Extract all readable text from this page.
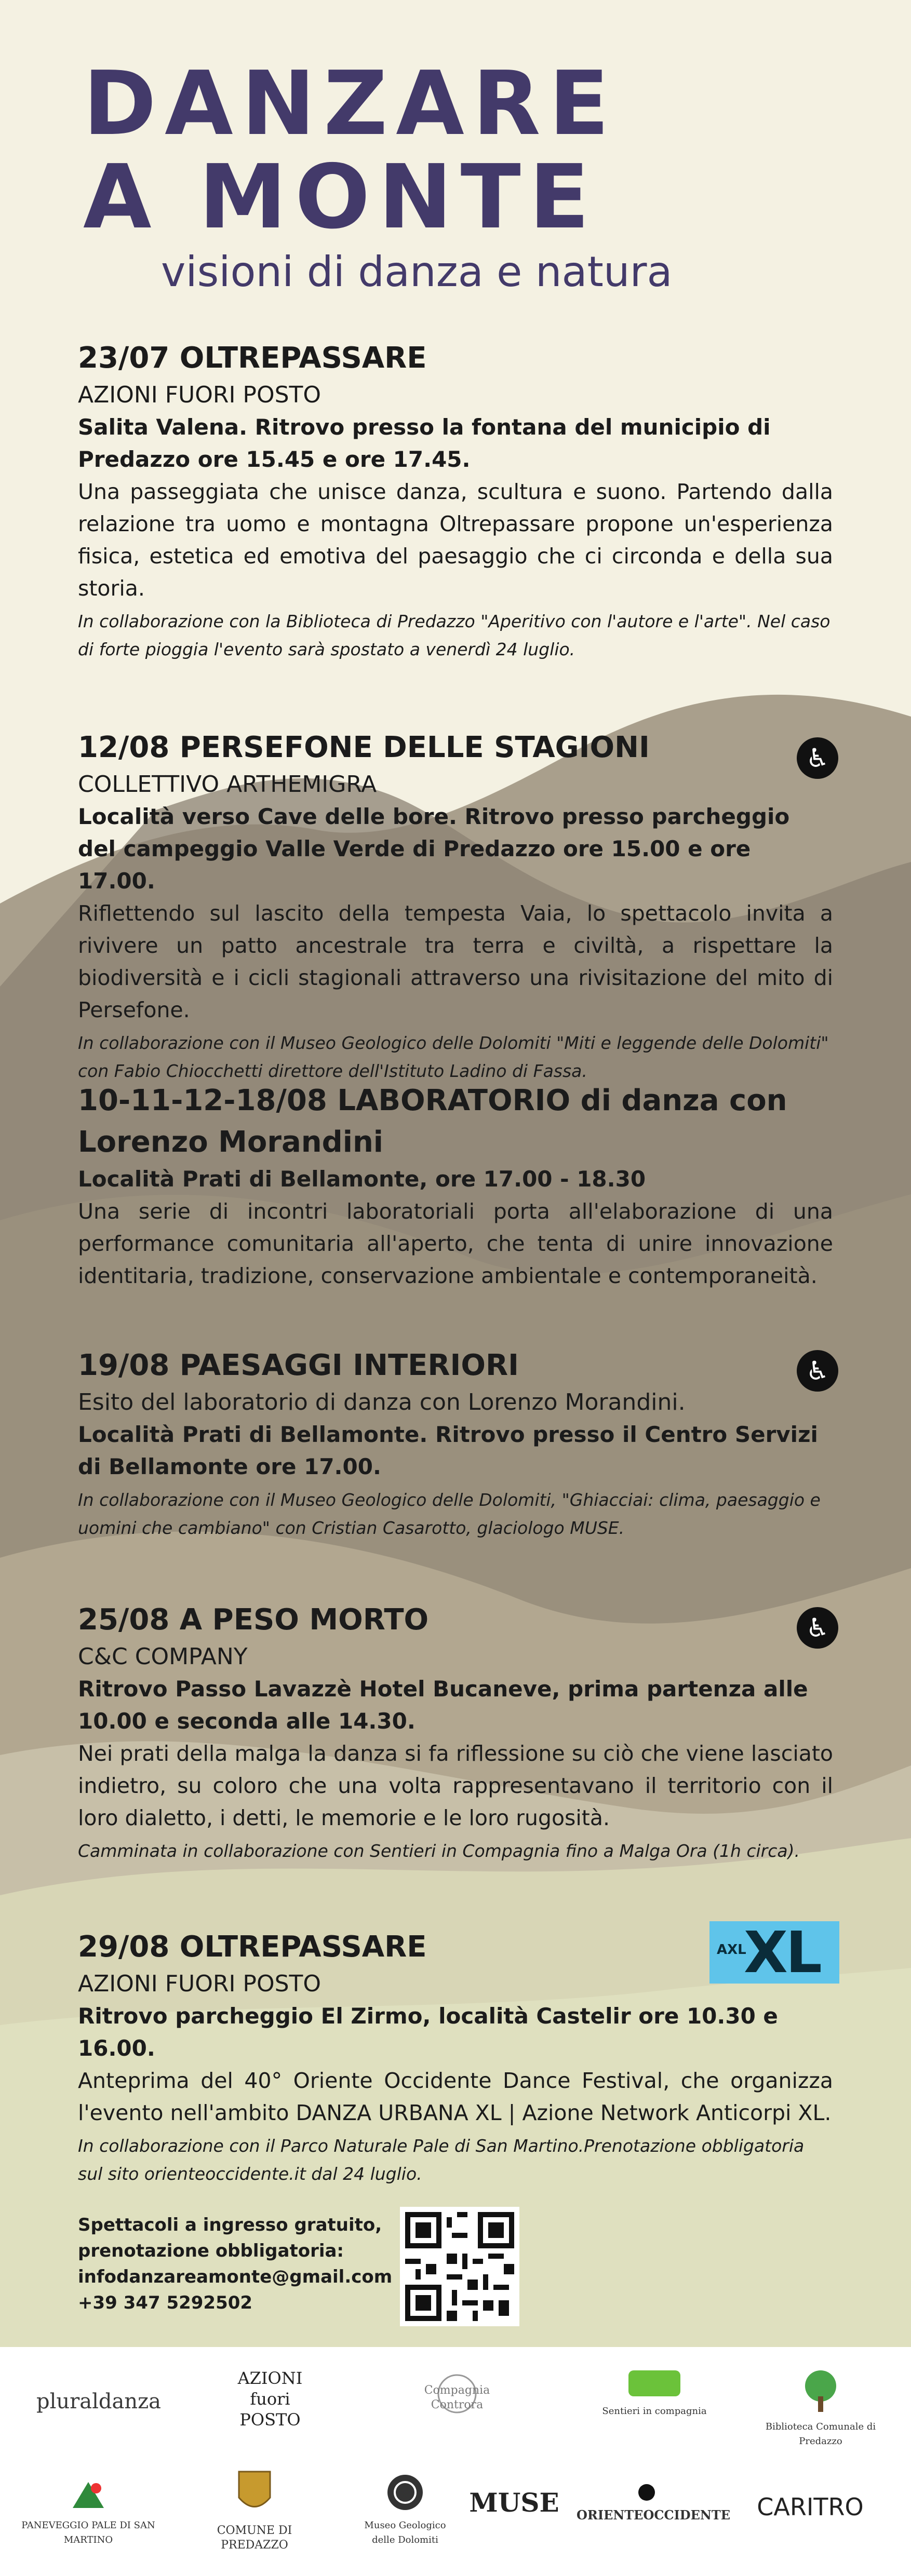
DANZARE

A MONTE

visioni di danza e natura

23/07 OLTREPASSARE

AZIONI FUORI POSTO

Salita Valena. Ritrovo presso la fontana del municipio di Predazzo ore 15.45 e ore 17.45.

Una passeggiata che unisce danza, scultura e suono. Partendo dalla relazione tra uomo e montagna Oltrepassare propone un'esperienza fisica, estetica ed emotiva del paesaggio che ci circonda e della sua storia.

In collaborazione con la Biblioteca di Predazzo "Aperitivo con l'autore e l'arte". Nel caso di forte pioggia l'evento sarà spostato a venerdì 24 luglio.

♿

12/08 PERSEFONE DELLE STAGIONI

COLLETTIVO ARTHEMIGRA

Località verso Cave delle bore. Ritrovo presso parcheggio del campeggio Valle Verde di Predazzo ore 15.00 e ore 17.00.

Riflettendo sul lascito della tempesta Vaia, lo spettacolo invita a rivivere un patto ancestrale tra terra e civiltà, a rispettare la biodiversità e i cicli stagionali attraverso una rivisitazione del mito di Persefone.

In collaborazione con il Museo Geologico delle Dolomiti "Miti e leggende delle Dolomiti" con Fabio Chiocchetti direttore dell'Istituto Ladino di Fassa.

10-11-12-18/08 LABORATORIO di danza con Lorenzo Morandini

Località Prati di Bellamonte, ore 17.00 - 18.30

Una serie di incontri laboratoriali porta all'elaborazione di una performance comunitaria all'aperto, che tenta di unire innovazione identitaria, tradizione, conservazione ambientale e contemporaneità.

♿

19/08 PAESAGGI INTERIORI

Esito del laboratorio di danza con Lorenzo Morandini.

Località Prati di Bellamonte. Ritrovo presso il Centro Servizi di Bellamonte ore 17.00.

In collaborazione con il Museo Geologico delle Dolomiti, "Ghiacciai: clima, paesaggio e uomini che cambiano" con Cristian Casarotto, glaciologo MUSE.

♿

25/08 A PESO MORTO

C&C COMPANY

Ritrovo Passo Lavazzè Hotel Bucaneve, prima partenza alle 10.00 e seconda alle 14.30.

Nei prati della malga la danza si fa riflessione su ciò che viene lasciato indietro, su coloro che una volta rappresentavano il territorio con il loro dialetto, i detti, le memorie e le loro rugosità.

Camminata in collaborazione con Sentieri in Compagnia fino a Malga Ora (1h circa).

AXL
XL

29/08 OLTREPASSARE

AZIONI FUORI POSTO

Ritrovo parcheggio El Zirmo, località Castelir ore 10.30 e 16.00.

Anteprima del 40° Oriente Occidente Dance Festival, che organizza l'evento nell'ambito DANZA URBANA XL | Azione Network Anticorpi XL.

In collaborazione con il Parco Naturale Pale di San Martino.Prenotazione obbligatoria sul sito orienteoccidente.it dal 24 luglio.

Spettacoli a ingresso gratuito,

prenotazione obbligatoria:

infodanzareamonte@gmail.com

+39 347 5292502

pluraldanza
AZIONI fuori POSTO
Compagnia Controra	Sentieri in compagnia
Biblioteca Comunale di Predazzo
PANEVEGGIO PALE DI SAN MARTINO
COMUNE DI PREDAZZO
Museo Geologico delle Dolomiti
MUSE ORIENTEOCCIDENTE	CARITRO
